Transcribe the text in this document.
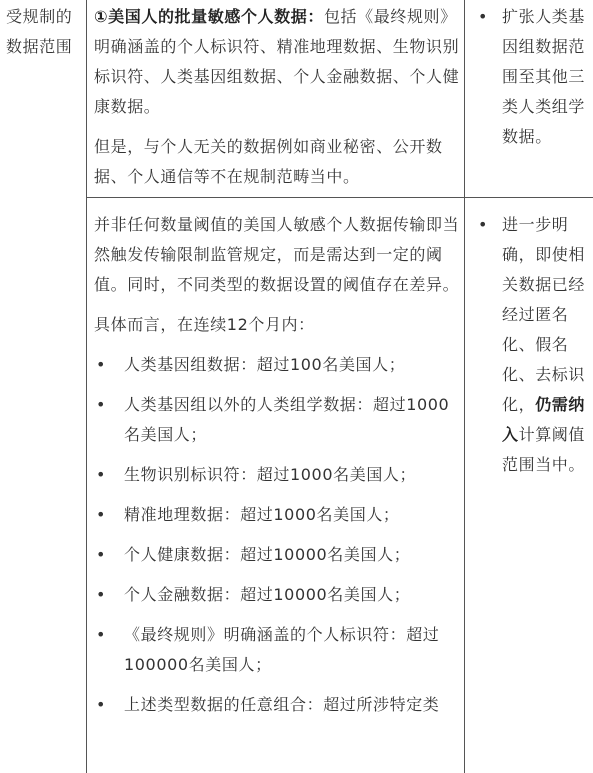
受规制的数据范围

①美国人的批量敏感个人数据：包括《最终规则》明确涵盖的个人标识符、精准地理数据、生物识别标识符、人类基因组数据、个人金融数据、个人健康数据。

但是，与个人无关的数据例如商业秘密、公开数据、个人通信等不在规制范畴当中。

并非任何数量阈值的美国人敏感个人数据传输即当然触发传输限制监管规定，而是需达到一定的阈值。同时，不同类型的数据设置的阈值存在差异。

具体而言，在连续12个月内：

• 人类基因组数据：超过100名美国人；
• 人类基因组以外的人类组学数据：超过1000名美国人；
• 生物识别标识符：超过1000名美国人；
• 精准地理数据：超过1000名美国人；
• 个人健康数据：超过10000名美国人；
• 个人金融数据：超过10000名美国人；
• 《最终规则》明确涵盖的个人标识符：超过100000名美国人；
• 上述类型数据的任意组合：超过所涉特定类
• 扩张人类基因组数据范围至其他三类人类组学数据。
• 进一步明确，即使相关数据已经经过匿名化、假名化、去标识化，仍需纳入计算阈值范围当中。
